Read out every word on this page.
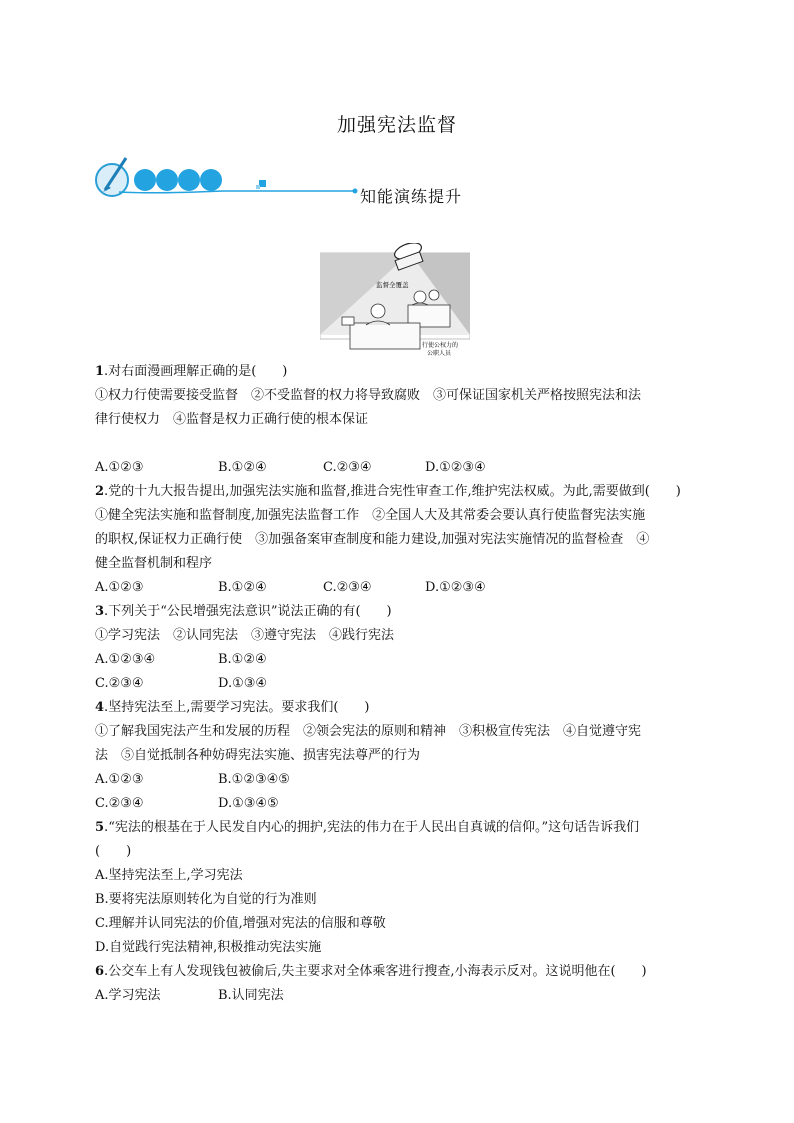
加强宪法监督
知能演练提升
监督全覆盖
行使公权力的
公职人员
1.对右面漫画理解正确的是(　　)
①权力行使需要接受监督　②不受监督的权力将导致腐败　③可保证国家机关严格按照宪法和法
律行使权力　④监督是权力正确行使的根本保证
A.①②③	B.①②④	C.②③④	D.①②③④
2.党的十九大报告提出,加强宪法实施和监督,推进合宪性审查工作,维护宪法权威。为此,需要做到(　　)
①健全宪法实施和监督制度,加强宪法监督工作　②全国人大及其常委会要认真行使监督宪法实施
的职权,保证权力正确行使　③加强备案审查制度和能力建设,加强对宪法实施情况的监督检查　④
健全监督机制和程序
A.①②③	B.①②④	C.②③④	D.①②③④
3.下列关于“公民增强宪法意识”说法正确的有(　　)
①学习宪法　②认同宪法　③遵守宪法　④践行宪法
A.①②③④	B.①②④
C.②③④	D.①③④
4.坚持宪法至上,需要学习宪法。要求我们(　　)
①了解我国宪法产生和发展的历程　②领会宪法的原则和精神　③积极宣传宪法　④自觉遵守宪
法　⑤自觉抵制各种妨碍宪法实施、损害宪法尊严的行为
A.①②③	B.①②③④⑤
C.②③④	D.①③④⑤
5.“宪法的根基在于人民发自内心的拥护,宪法的伟力在于人民出自真诚的信仰。”这句话告诉我们
(　　)
A.坚持宪法至上,学习宪法
B.要将宪法原则转化为自觉的行为准则
C.理解并认同宪法的价值,增强对宪法的信服和尊敬
D.自觉践行宪法精神,积极推动宪法实施
6.公交车上有人发现钱包被偷后,失主要求对全体乘客进行搜查,小海表示反对。这说明他在(　　)
A.学习宪法	B.认同宪法
